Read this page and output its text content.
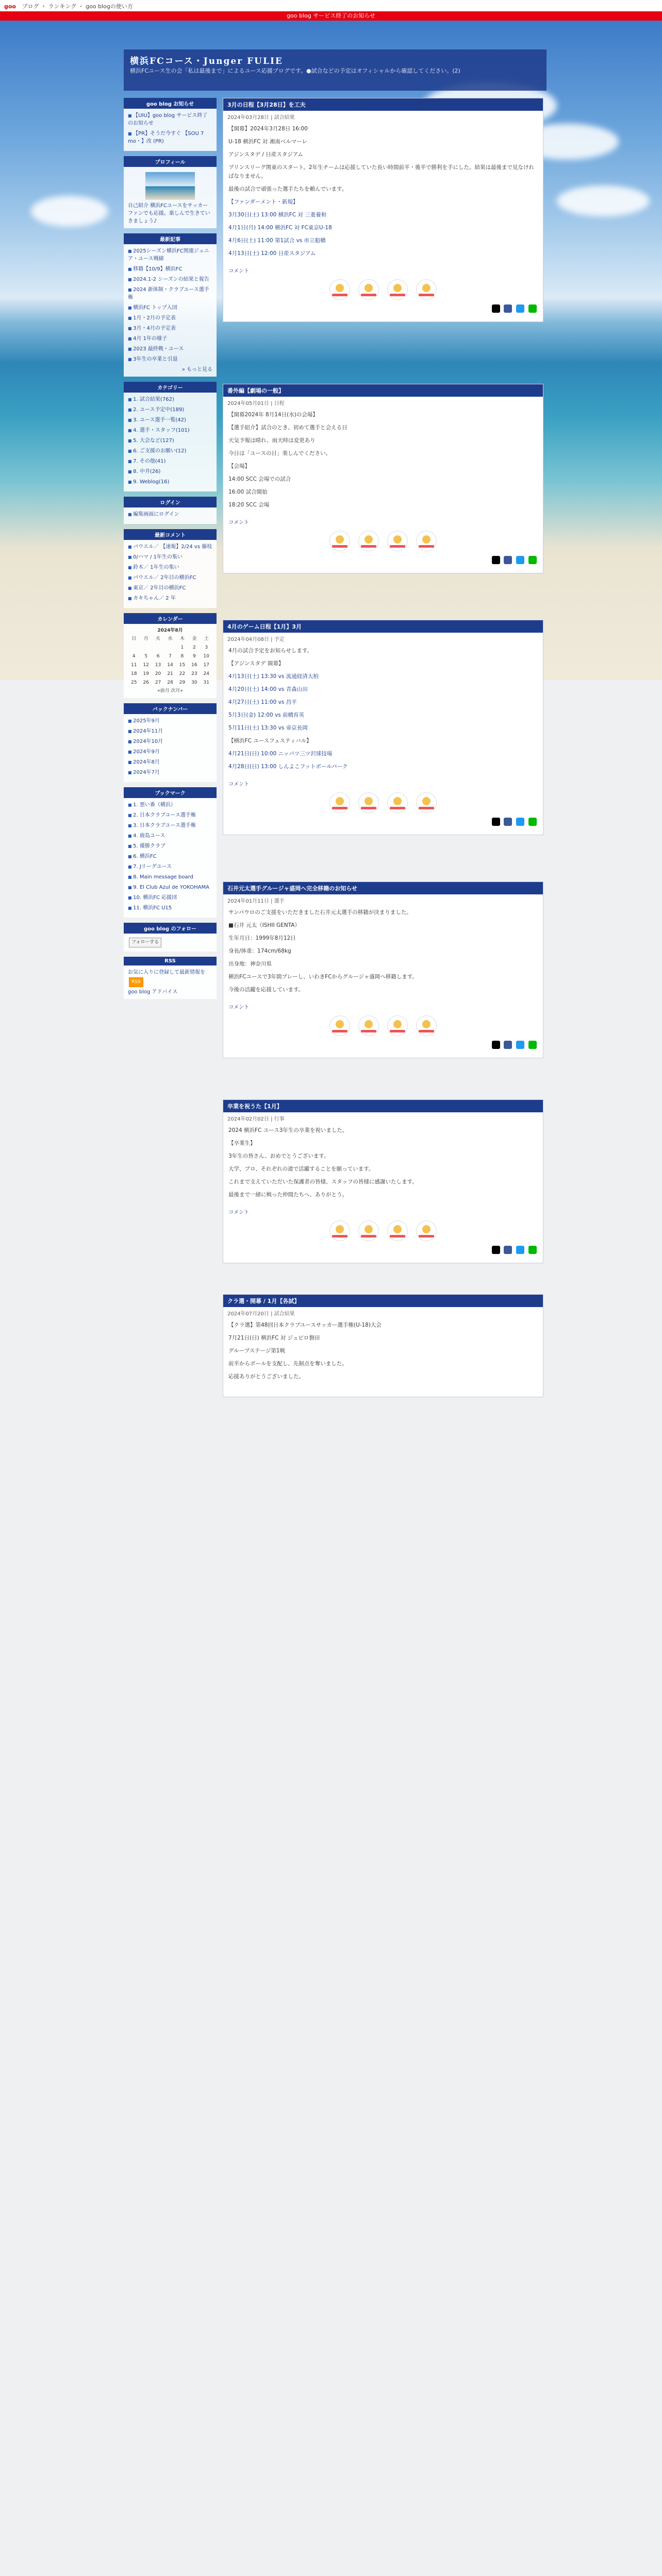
goo ブログ ・ ランキング ・ goo blogの使い方
goo blog サービス終了のお知らせ
横浜FCコース・Junger FULIE
横浜FCユース生の会「私は最後まで」によるユース応援ブログです。●試合などの予定はオフィシャルから確認してください。(2)
goo blog お知らせ
■ 【UIU】goo blog サービス終了のお知らせ
■ 【PR】そうだ今すぐ 【SOU 7 mo・】改 (PR)
プロフィール
自己紹介 横浜FCユースをサッカーファンでも応援。楽しんで生きていきましょう♪
最新記事
■ 2025シーズン横浜FC関連ジュニア・ユース戦績
■ 移籍【10/9】横浜FC
■ 2024.1-2 シーズンの結果と報告
■ 2024 新体制・クラブユース選手権
■ 横浜FC トップ入団
■ 1月・2月の予定表
■ 3月・4月の予定表
■ 4月 1年の様子
■ 2023 最終戦・ユース
■ 3年生の卒業と引退
» もっと見る
カテゴリー
■ 1. 試合結果(762)
■ 2. ユース予定中(189)
■ 3. ユース選手一覧(42)
■ 4. 選手・スタッフ(101)
■ 5. 大会など(127)
■ 6. ご支援のお願い(12)
■ 7. その他(41)
■ 8. 中井(26)
■ 9. Weblog(16)
ログイン
■ 編集画面にログイン
最新コメント
■ パウエル／ 【速報】2/24 vs 藤枝
■ 0/ハマ / 1年生の集い
■ 鈴木／ 1年生の集い
■ パウエル／ 2年目の横浜FC
■ 東京／ 2年目の横浜FC
■ カキちゃん／ 2 年
カレンダー
2024年8月
日	月	火	水	木	金	土
				1	2	3
4	5	6	7	8	9	10
11	12	13	14	15	16	17
18	19	20	21	22	23	24
25	26	27	28	29	30	31
«前月 次月»
バックナンバー
■ 2025年9月
■ 2024年11月
■ 2024年10月
■ 2024年9月
■ 2024年8月
■ 2024年7月
ブックマーク
■ 1. 悪い番（横浜）
■ 2. 日本クラブユース選手権
■ 3. 日本クラブユース選手権
■ 4. 鹿島ユース
■ 5. 優勝クラブ
■ 6. 横浜FC
■ 7. Jリーグユース
■ 8. Main message board
■ 9. El Club Azul de YOKOHAMA
■ 10. 横浜FC 応援団
■ 11. 横浜FC U15
goo blog のフォロー
フォローする
RSS
お気に入りに登録して最新情報を
RSS
goo blog アドバイス
3月の日程【3月28日】を工夫
2024年03月28日 | 試合結果

【開幕】2024年3月28日 16:00

U-18 横浜FC 対 湘南ベルマーレ

アジンスタデ / 日産スタジアム

プリンスリーグ関東のスタート。2年生チームは応援していた長い時間前半・後半で勝利を手にした。結果は最後まで見なければなりません。

最後の試合で頑張った選手たちを頼んでいます。

【ファンダーメント・新規】

3月30日(土) 13:00 横浜FC 対 三菱養和

4月1日(月) 14:00 横浜FC 対 FC東京U-18

4月6日(土) 11:00 第1試合 vs 市立船橋

4月13日(土) 12:00 日産スタジアム

コメント

番外編【劇場の一般】
2024年05月01日 | 日程

【開幕2024年 8月14日(水)の会場】

【選手紹介】試合のとき、初めて選手と会える日

天気予報は晴れ、雨天時は変更あり

今日は「ユースの日」楽しんでください。

【会場】

14:00 SCC 会場での試合

16:00 試合開始

18:20 SCC 会場

コメント

4月のゲーム日程【1月】3月
2024年04月08日 | 予定

4月の試合予定をお知らせします。

【アジンスタデ 開幕】

4月13日(土) 13:30 vs 流通経済大柏

4月20日(土) 14:00 vs 青森山田

4月27日(土) 11:00 vs 昌平

5月3日(金) 12:00 vs 前橋育英

5月11日(土) 13:30 vs 帝京長岡

【横浜FC ユースフェスティバル】

4月21日(日) 10:00 ニッパツ三ツ沢球技場

4月28日(日) 13:00 しんよこフットボールパーク

コメント

石井元太選手グルージャ盛岡へ完全移籍のお知らせ
2024年01月11日 | 選手

サンパウロのご支援をいただきました石井元太選手の移籍が決まりました。

■石井 元太（ISHII GENTA）

生年月日：1999年8月12日

身長/体重：174cm/68kg

出身地：神奈川県

横浜FCユースで3年間プレーし、いわきFCからグルージャ盛岡へ移籍します。

今後の活躍を応援しています。

コメント

卒業を祝うた【1月】
2024年02月02日 | 行事

2024 横浜FC ユース3年生の卒業を祝いました。

【卒業生】

3年生の皆さん、おめでとうございます。

大学、プロ、それぞれの道で活躍することを願っています。

これまで支えていただいた保護者の皆様、スタッフの皆様に感謝いたします。

最後まで一緒に戦った仲間たちへ、ありがとう。

コメント

クラ選・開幕 / 1月【各試】
2024年07月20日 | 試合結果

【クラ選】第48回日本クラブユースサッカー選手権(U-18)大会

7月21日(日) 横浜FC 対 ジュビロ磐田

グループステージ第1戦

前半からボールを支配し、先制点を奪いました。

応援ありがとうございました。
